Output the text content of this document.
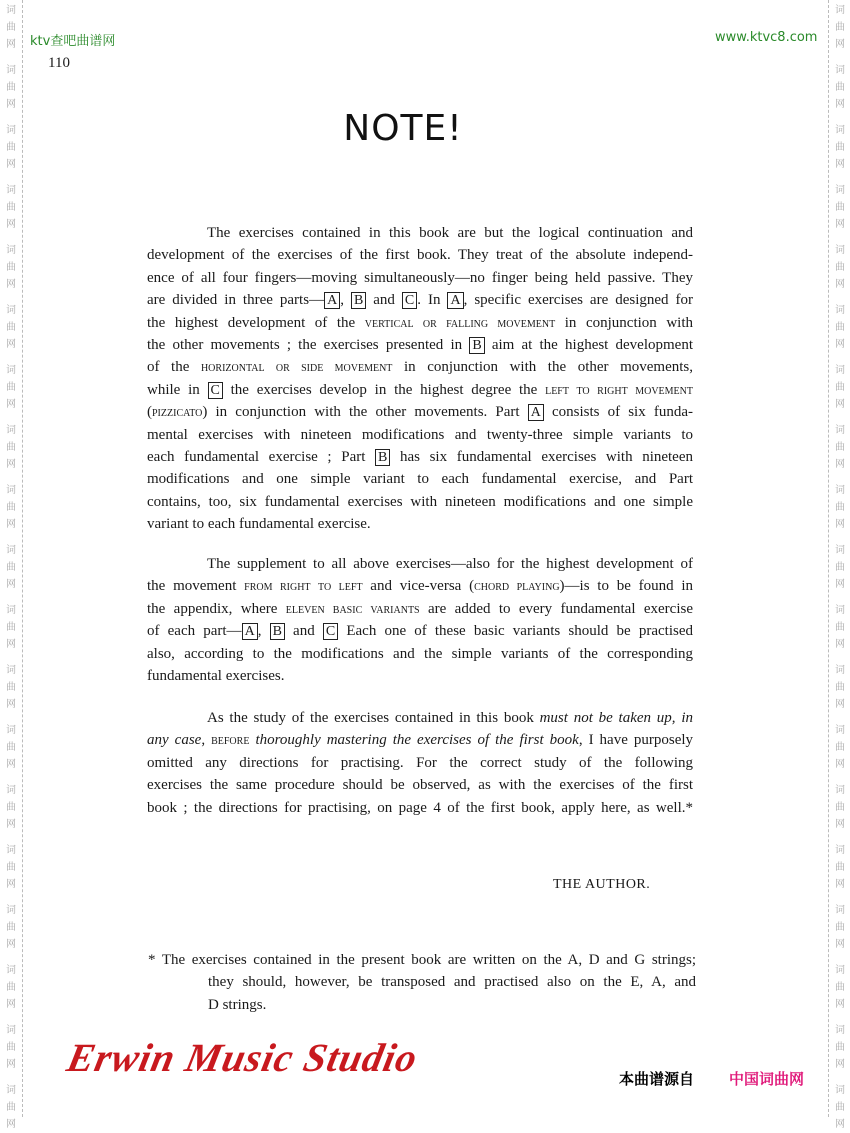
ktv查吧曲谱网	www.ktvc8.com
110
NOTE!
The exercises contained in this book are but the logical continuation and
development of the exercises of the first book. They treat of the absolute independ-
ence of all four fingers—moving simultaneously—no finger being held passive. They
are divided in three parts— A , B and C . In A , specific exercises are designed for
the highest development of the vertical or falling movement in conjunction with
the other movements ; the exercises presented in B aim at the highest development
of the horizontal or side movement in conjunction with the other movements,
while in C the exercises develop in the highest degree the left to right movement
(pizzicato) in conjunction with the other movements. Part A consists of six funda-
mental exercises with nineteen modifications and twenty-three simple variants to
each fundamental exercise ; Part B has six fundamental exercises with nineteen
modifications and one simple variant to each fundamental exercise, and Part
contains, too, six fundamental exercises with nineteen modifications and one simple
variant to each fundamental exercise.
The supplement to all above exercises—also for the highest development of
the movement from right to left and vice-versa (chord playing)—is to be found in
the appendix, where eleven basic variants are added to every fundamental exercise
of each part— A , B and C Each one of these basic variants should be practised
also, according to the modifications and the simple variants of the corresponding
fundamental exercises.
As the study of the exercises contained in this book must not be taken up, in
any case, before thoroughly mastering the exercises of the first book, I have purposely
omitted any directions for practising. For the correct study of the following
exercises the same procedure should be observed, as with the exercises of the first
book ; the directions for practising, on page 4 of the first book, apply here, as well.*
THE AUTHOR.
* The exercises contained in the present book are written on the A, D and G strings;
they should, however, be transposed and practised also on the E, A, and
D strings.
Erwin Music Studio	本曲谱源自 中国词曲网
词
曲
网
词
曲
网
词
曲
网
词
曲
网
词
曲
网
词
曲
网
词
曲
网
词
曲
网
词
曲
网
词
曲
网
词
曲
网
词
曲
网
词
曲
网
词
曲
网
词
曲
网
词
曲
网
词
曲
网
词
曲
网
词
曲
网
词
曲
网
词
曲
网
词
曲
网
词
曲
网
词
曲
网
词
曲
网
词
曲
网
词
曲
网
词
曲
网
词
曲
网
词
曲
网
词
曲
网
词
曲
网
词
曲
网
词
曲
网
词
曲
网
词
曲
网
词
曲
网
词
曲
网
